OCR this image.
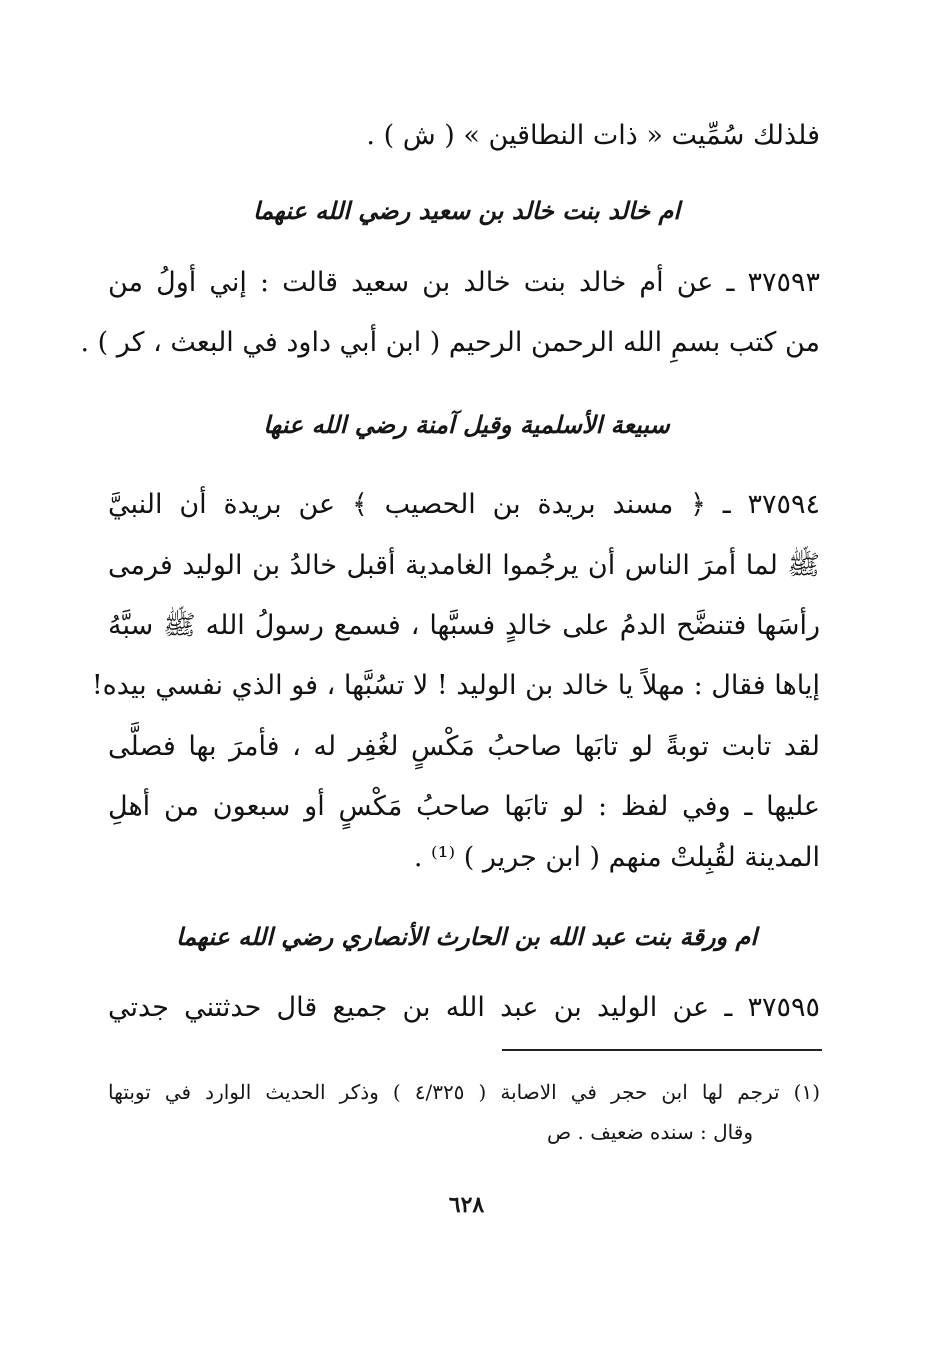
فلذلك سُمِّيت « ذات النطاقين » ( ش ) .
ام خالد بنت خالد بن سعيد رضي الله عنهما
٣٧٥٩٣ ـ عن أم خالد بنت خالد بن سعيد قالت : إني أولُ من
من كتب بسمِ الله الرحمن الرحيم ( ابن أبي داود في البعث ، كر ) .
سبيعة الأسلمية وقيل آمنة رضي الله عنها
٣٧٥٩٤ ـ ﴿ مسند بريدة بن الحصيب ﴾ عن بريدة أن النبيَّ
ﷺ لما أمرَ الناس أن يرجُموا الغامدية أقبل خالدُ بن الوليد فرمى
رأسَها فتنضَّح الدمُ على خالدٍ فسبَّها ، فسمع رسولُ الله ﷺ سبَّهُ
إياها فقال : مهلاً يا خالد بن الوليد ! لا تسُبَّها ، فو الذي نفسي بيده!
لقد تابت توبةً لو تابَها صاحبُ مَكْسٍ لغُفِر له ، فأمرَ بها فصلَّى
عليها ـ وفي لفظ : لو تابَها صاحبُ مَكْسٍ أو سبعون من أهلِ
المدينة لقُبِلتْ منهم ( ابن جرير ) ⁽¹⁾ .
ام ورقة بنت عبد الله بن الحارث الأنصاري رضي الله عنهما
٣٧٥٩٥ ـ عن الوليد بن عبد الله بن جميع قال حدثتني جدتي
(١) ترجم لها ابن حجر في الاصابة ( ٤/٣٢٥ ) وذكر الحديث الوارد في توبتها
وقال : سنده ضعيف . ص
٦٢٨
